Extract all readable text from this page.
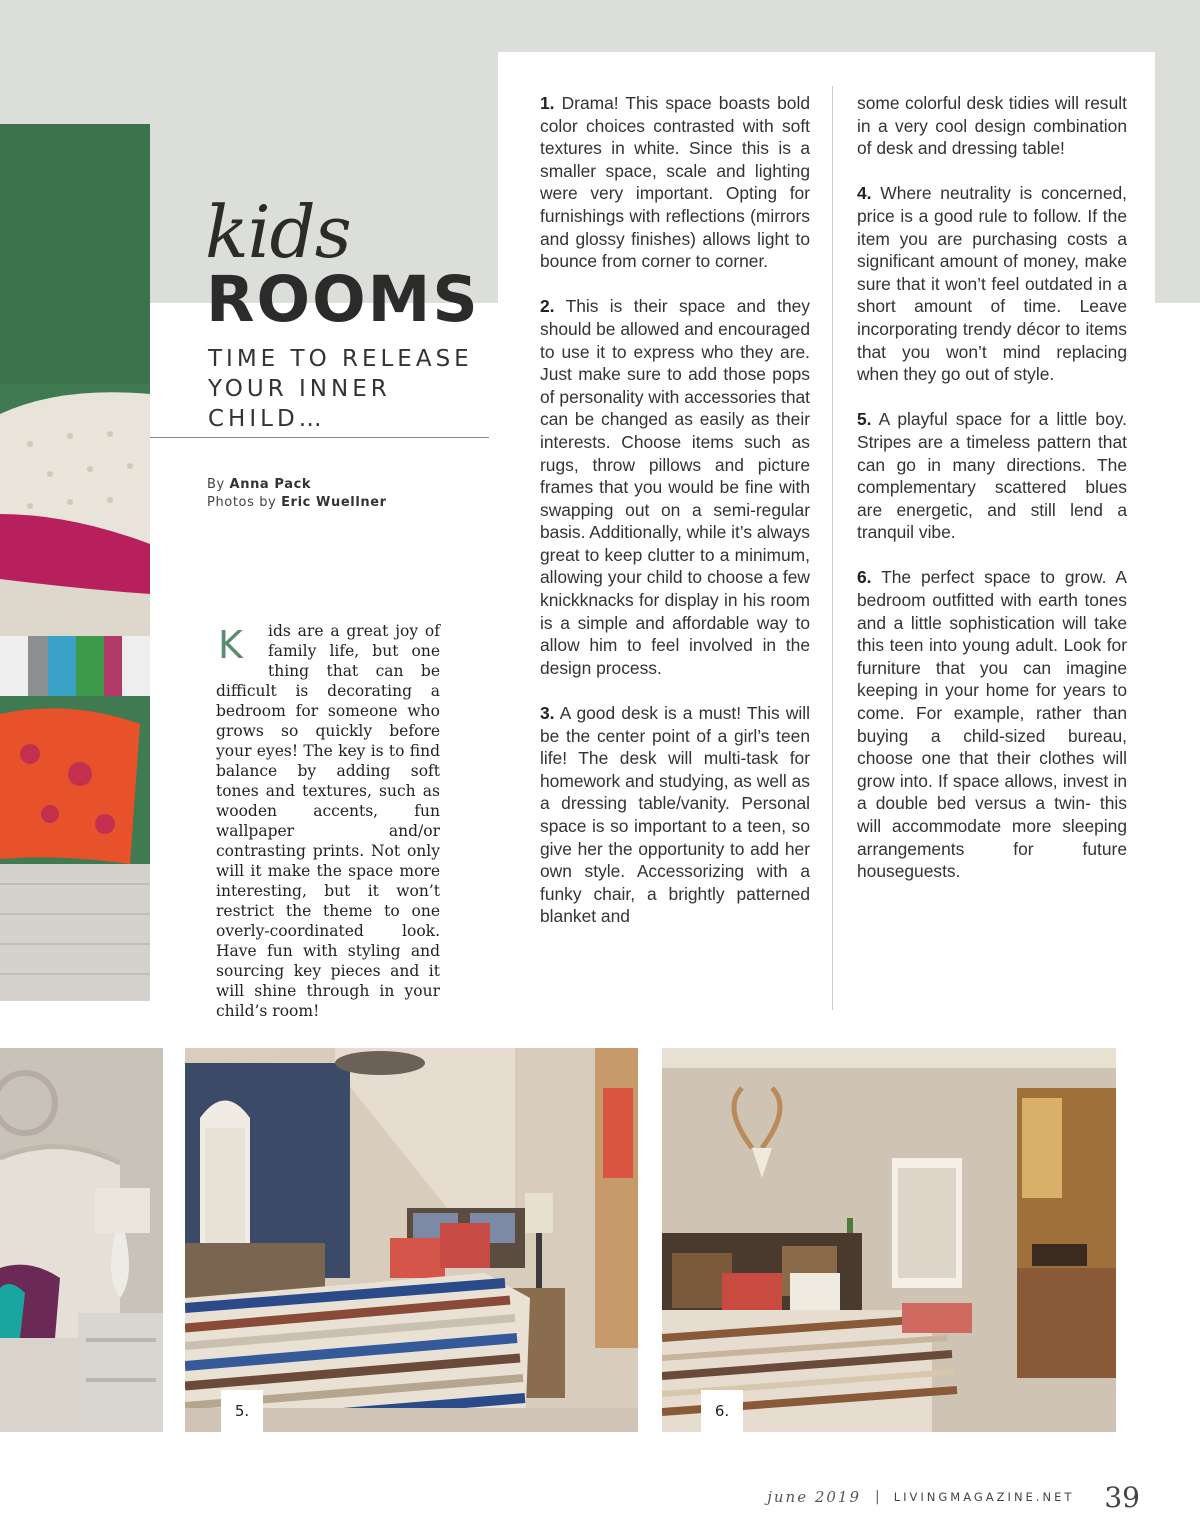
kids
ROOMS
TIME TO RELEASE
YOUR INNER CHILD…
By Anna Pack
Photos by Eric Wuellner
K	ids are a great joy of family life, but one thing that can be difficult is decorating a bedroom for someone who grows so quickly before your eyes! The key is to find balance by adding soft tones and textures, such as wooden accents, fun wallpaper and/or contrasting prints. Not only will it make the space more interesting, but it won’t restrict the theme to one overly-coordinated look. Have fun with styling and sourcing key pieces and it will shine through in your child’s room!

1. Drama! This space boasts bold color choices contrasted with soft textures in white. Since this is a smaller space, scale and lighting were very important. Opting for furnishings with reflections (mirrors and glossy finishes) allows light to bounce from corner to corner.

2. This is their space and they should be allowed and encouraged to use it to express who they are. Just make sure to add those pops of personality with accessories that can be changed as easily as their interests. Choose items such as rugs, throw pillows and picture frames that you would be fine with swapping out on a semi-regular basis. Additionally, while it’s always great to keep clutter to a minimum, allowing your child to choose a few knickknacks for display in his room is a simple and affordable way to allow him to feel involved in the design process.

3. A good desk is a must! This will be the center point of a girl’s teen life! The desk will multi-task for homework and studying, as well as a dressing table/vanity. Personal space is so important to a teen, so give her the opportunity to add her own style. Accessorizing with a funky chair, a brightly patterned blanket and

some colorful desk tidies will result in a very cool design combination of desk and dressing table!

4. Where neutrality is concerned, price is a good rule to follow. If the item you are purchasing costs a significant amount of money, make sure that it won’t feel outdated in a short amount of time. Leave incorporating trendy décor to items that you won’t mind replacing when they go out of style.

5. A playful space for a little boy. Stripes are a timeless pattern that can go in many directions. The complementary scattered blues are energetic, and still lend a tranquil vibe.

6. The perfect space to grow. A bedroom outfitted with earth tones and a little sophistication will take this teen into young adult. Look for furniture that you can imagine keeping in your home for years to come. For example, rather than buying a child-sized bureau, choose one that their clothes will grow into. If space allows, invest in a double bed versus a twin- this will accommodate more sleeping arrangements for future houseguests.

5.	6.
june 2019 | LIVINGMAGAZINE.NET 39
